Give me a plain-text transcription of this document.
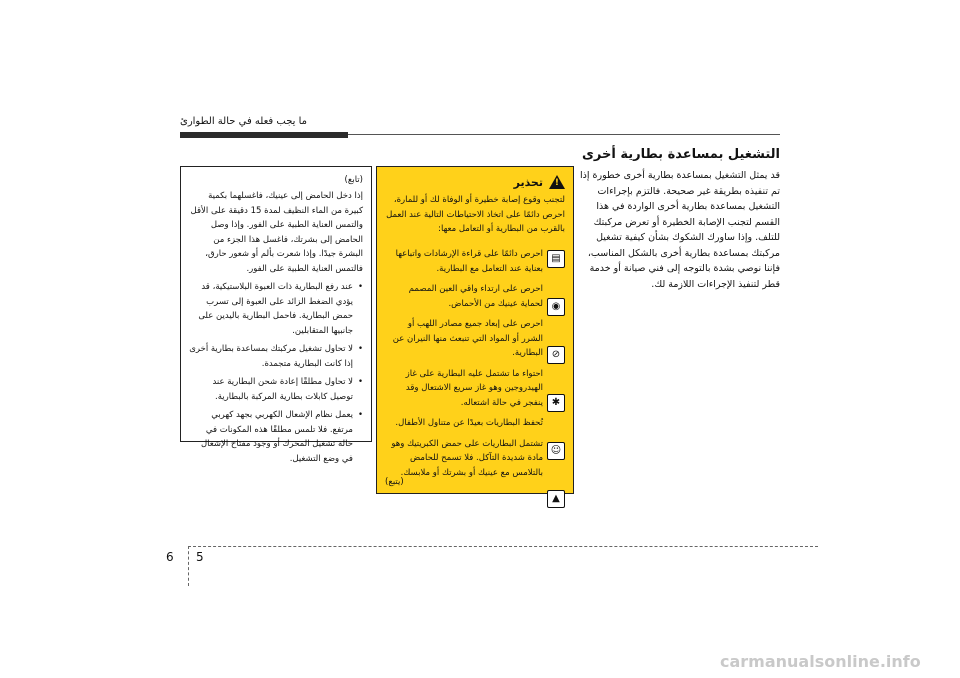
ما يجب فعله في حالة الطوارئ
التشغيل بمساعدة بطارية أخرى
قد يمثل التشغيل بمساعدة بطارية أخرى خطورة إذا تم تنفيذه بطريقة غير صحيحة. فالتزم بإجراءات التشغيل بمساعدة بطارية أخرى الواردة في هذا القسم لتجنب الإصابة الخطيرة أو تعرض مركبتك للتلف. وإذا ساورك الشكوك بشأن كيفية تشغيل مركبتك بمساعدة بطارية أخرى بالشكل المناسب، فإننا نوصي بشدة بالتوجه إلى فني صيانة أو خدمة قطر لتنفيذ الإجراءات اللازمة لك.
!
تحذير
لتجنب وقوع إصابة خطيرة أو الوفاة لك أو للمارة، احرص دائمًا على اتخاذ الاحتياطات التالية عند العمل بالقرب من البطارية أو التعامل معها:
▤
◉
⊘
✱
☺
▲
احرص دائمًا على قراءة الإرشادات واتباعها بعناية عند التعامل مع البطارية.
احرص على ارتداء واقي العين المصمم لحماية عينيك من الأحماض.
احرص على إبعاد جميع مصادر اللهب أو الشرر أو المواد التي تنبعث منها النيران عن البطارية.
احتواء ما تشتمل عليه البطارية على غاز الهيدروجين وهو غاز سريع الاشتعال وقد ينفجر في حالة اشتعاله.
تُحفظ البطاريات بعيدًا عن متناول الأطفال.
تشتمل البطاريات على حمض الكبريتيك وهو مادة شديدة التآكل. فلا تسمح للحامض بالتلامس مع عينيك أو بشرتك أو ملابسك.
(يتبع)
(تابع)

إذا دخل الحامض إلى عينيك، فاغسلهما بكمية كبيرة من الماء النظيف لمدة 15 دقيقة على الأقل والتمس العناية الطبية على الفور. وإذا وصل الحامض إلى بشرتك، فاغسل هذا الجزء من البشرة جيدًا. وإذا شعرت بألم أو شعور حارق، فالتمس العناية الطبية على الفور.

• عند رفع البطارية ذات العبوة البلاستيكية، قد يؤدي الضغط الزائد على العبوة إلى تسرب حمض البطارية. فاحمل البطارية باليدين على جانبيها المتقابلين.
• لا تحاول تشغيل مركبتك بمساعدة بطارية أخرى إذا كانت البطارية متجمدة.
• لا تحاول مطلقًا إعادة شحن البطارية عند توصيل كابلات بطارية المركبة بالبطارية.
• يعمل نظام الإشعال الكهربي بجهد كهربي مرتفع. فلا تلمس مطلقًا هذه المكونات في حالة تشغيل المحرك أو وجود مفتاح الإشعال في وضع التشغيل.
6 5
carmanualsonline.info
